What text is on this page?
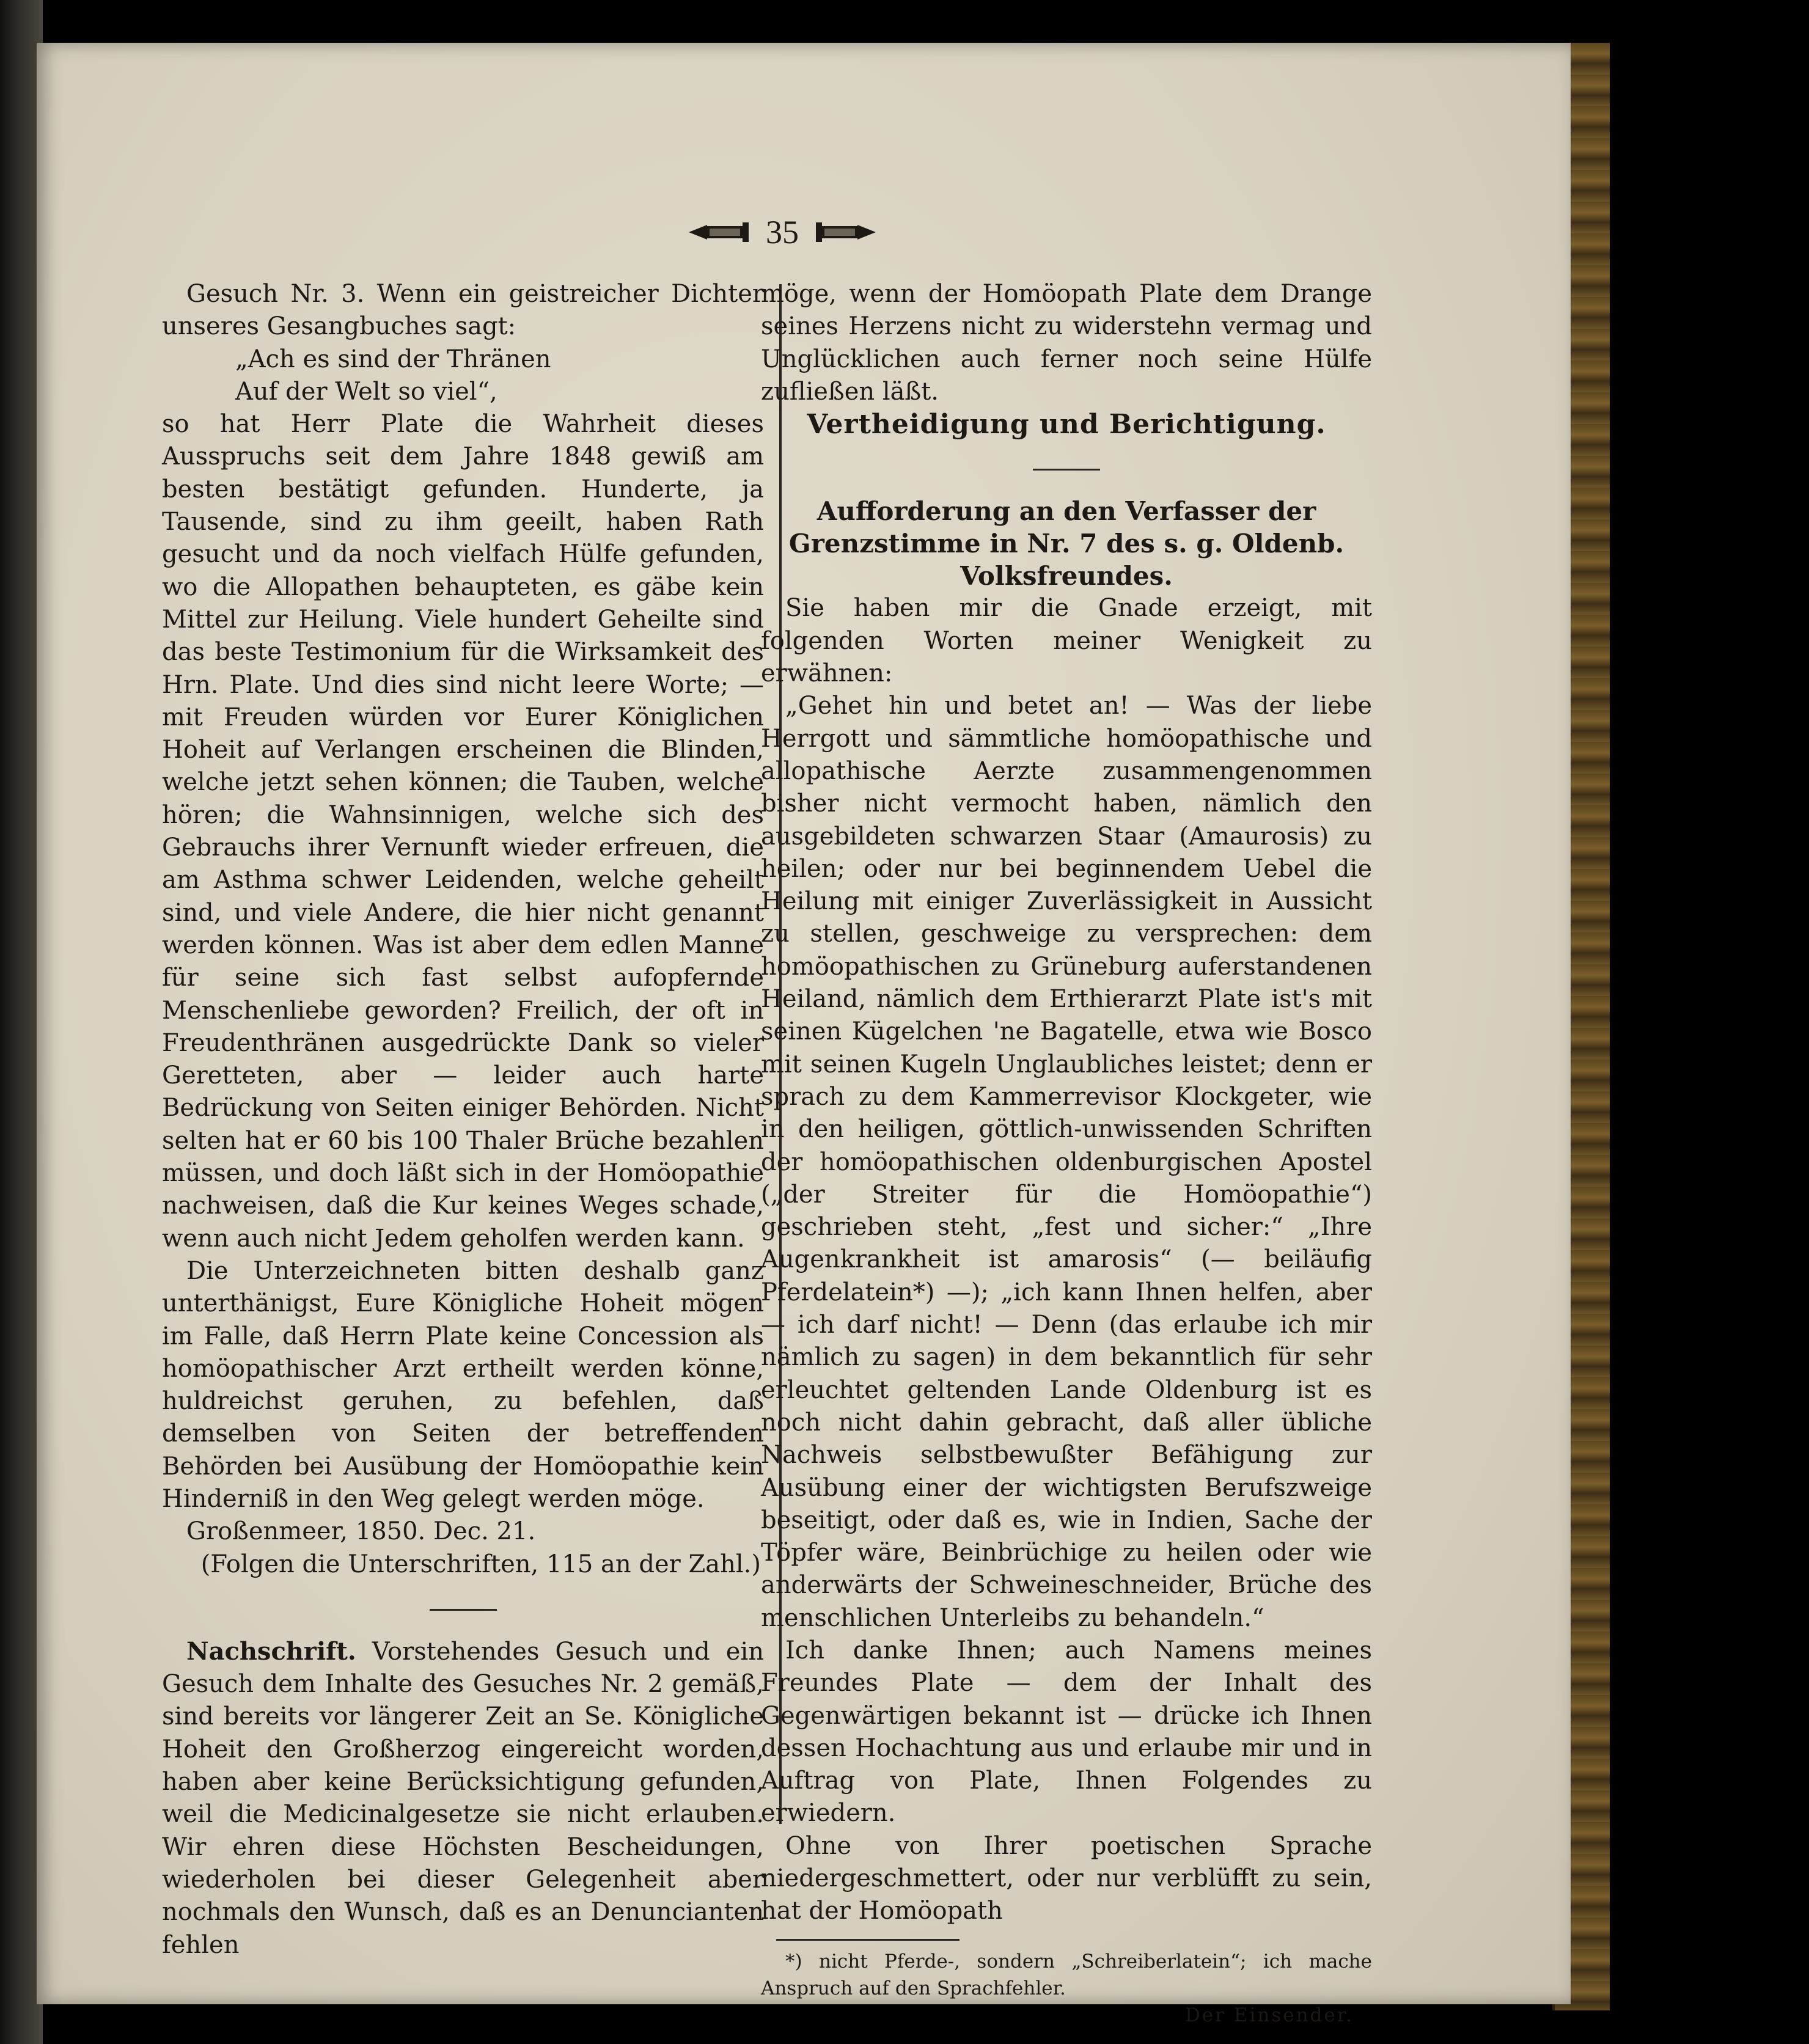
35

Gesuch Nr. 3. Wenn ein geistreicher Dichter unseres Gesangbuches sagt:

„Ach es sind der Thränen

Auf der Welt so viel“,

so hat Herr Plate die Wahrheit dieses Ausspruchs seit dem Jahre 1848 gewiß am besten bestätigt gefunden. Hunderte, ja Tausende, sind zu ihm geeilt, haben Rath gesucht und da noch vielfach Hülfe gefunden, wo die Allopathen behaupteten, es gäbe kein Mittel zur Heilung. Viele hundert Geheilte sind das beste Testimonium für die Wirksamkeit des Hrn. Plate. Und dies sind nicht leere Worte; — mit Freuden würden vor Eurer Königlichen Hoheit auf Verlangen erscheinen die Blinden, welche jetzt sehen können; die Tauben, welche hören; die Wahnsinnigen, welche sich des Gebrauchs ihrer Vernunft wieder erfreuen, die am Asthma schwer Leidenden, welche geheilt sind, und viele Andere, die hier nicht genannt werden können. Was ist aber dem edlen Manne für seine sich fast selbst aufopfernde Menschenliebe geworden? Freilich, der oft in Freudenthränen ausgedrückte Dank so vieler Geretteten, aber — leider auch harte Bedrückung von Seiten einiger Behörden. Nicht selten hat er 60 bis 100 Thaler Brüche bezahlen müssen, und doch läßt sich in der Homöopathie nachweisen, daß die Kur keines Weges schade, wenn auch nicht Jedem geholfen werden kann.

Die Unterzeichneten bitten deshalb ganz unterthänigst, Eure Königliche Hoheit mögen im Falle, daß Herrn Plate keine Concession als homöopathischer Arzt ertheilt werden könne, huldreichst geruhen, zu befehlen, daß demselben von Seiten der betreffenden Behörden bei Ausübung der Homöopathie kein Hinderniß in den Weg gelegt werden möge.

Großenmeer, 1850. Dec. 21.

(Folgen die Unterschriften, 115 an der Zahl.)

Nachschrift. Vorstehendes Gesuch und ein Gesuch dem Inhalte des Gesuches Nr. 2 gemäß, sind bereits vor längerer Zeit an Se. Königliche Hoheit den Großherzog eingereicht worden, haben aber keine Berücksichtigung gefunden, weil die Medicinalgesetze sie nicht erlauben. Wir ehren diese Höchsten Bescheidungen, wiederholen bei dieser Gelegenheit aber nochmals den Wunsch, daß es an Denuncianten fehlen

möge, wenn der Homöopath Plate dem Drange seines Herzens nicht zu widerstehn vermag und Unglücklichen auch ferner noch seine Hülfe zufließen läßt.

Vertheidigung und Berichtigung.

Aufforderung an den Verfasser der Grenzstimme in Nr. 7 des s. g. Oldenb. Volksfreundes.

Sie haben mir die Gnade erzeigt, mit folgenden Worten meiner Wenigkeit zu erwähnen:

„Gehet hin und betet an! — Was der liebe Herrgott und sämmtliche homöopathische und allopathische Aerzte zusammengenommen bisher nicht vermocht haben, nämlich den ausgebildeten schwarzen Staar (Amaurosis) zu heilen; oder nur bei beginnendem Uebel die Heilung mit einiger Zuverlässigkeit in Aussicht zu stellen, geschweige zu versprechen: dem homöopathischen zu Grüneburg auferstandenen Heiland, nämlich dem Erthierarzt Plate ist's mit seinen Kügelchen 'ne Bagatelle, etwa wie Bosco mit seinen Kugeln Unglaubliches leistet; denn er sprach zu dem Kammerrevisor Klockgeter, wie in den heiligen, göttlich-unwissenden Schriften der homöopathischen oldenburgischen Apostel („der Streiter für die Homöopathie“) geschrieben steht, „fest und sicher:“ „Ihre Augenkrankheit ist amarosis“ (— beiläufig Pferdelatein*) —); „ich kann Ihnen helfen, aber — ich darf nicht! — Denn (das erlaube ich mir nämlich zu sagen) in dem bekanntlich für sehr erleuchtet geltenden Lande Oldenburg ist es noch nicht dahin gebracht, daß aller übliche Nachweis selbstbewußter Befähigung zur Ausübung einer der wichtigsten Berufszweige beseitigt, oder daß es, wie in Indien, Sache der Töpfer wäre, Beinbrüchige zu heilen oder wie anderwärts der Schweineschneider, Brüche des menschlichen Unterleibs zu behandeln.“

Ich danke Ihnen; auch Namens meines Freundes Plate — dem der Inhalt des Gegenwärtigen bekannt ist — drücke ich Ihnen dessen Hochachtung aus und erlaube mir und in Auftrag von Plate, Ihnen Folgendes zu erwiedern.

Ohne von Ihrer poetischen Sprache niedergeschmettert, oder nur verblüfft zu sein, hat der Homöopath

*) nicht Pferde-, sondern „Schreiberlatein“; ich mache Anspruch auf den Sprachfehler.

Der Einsender.
